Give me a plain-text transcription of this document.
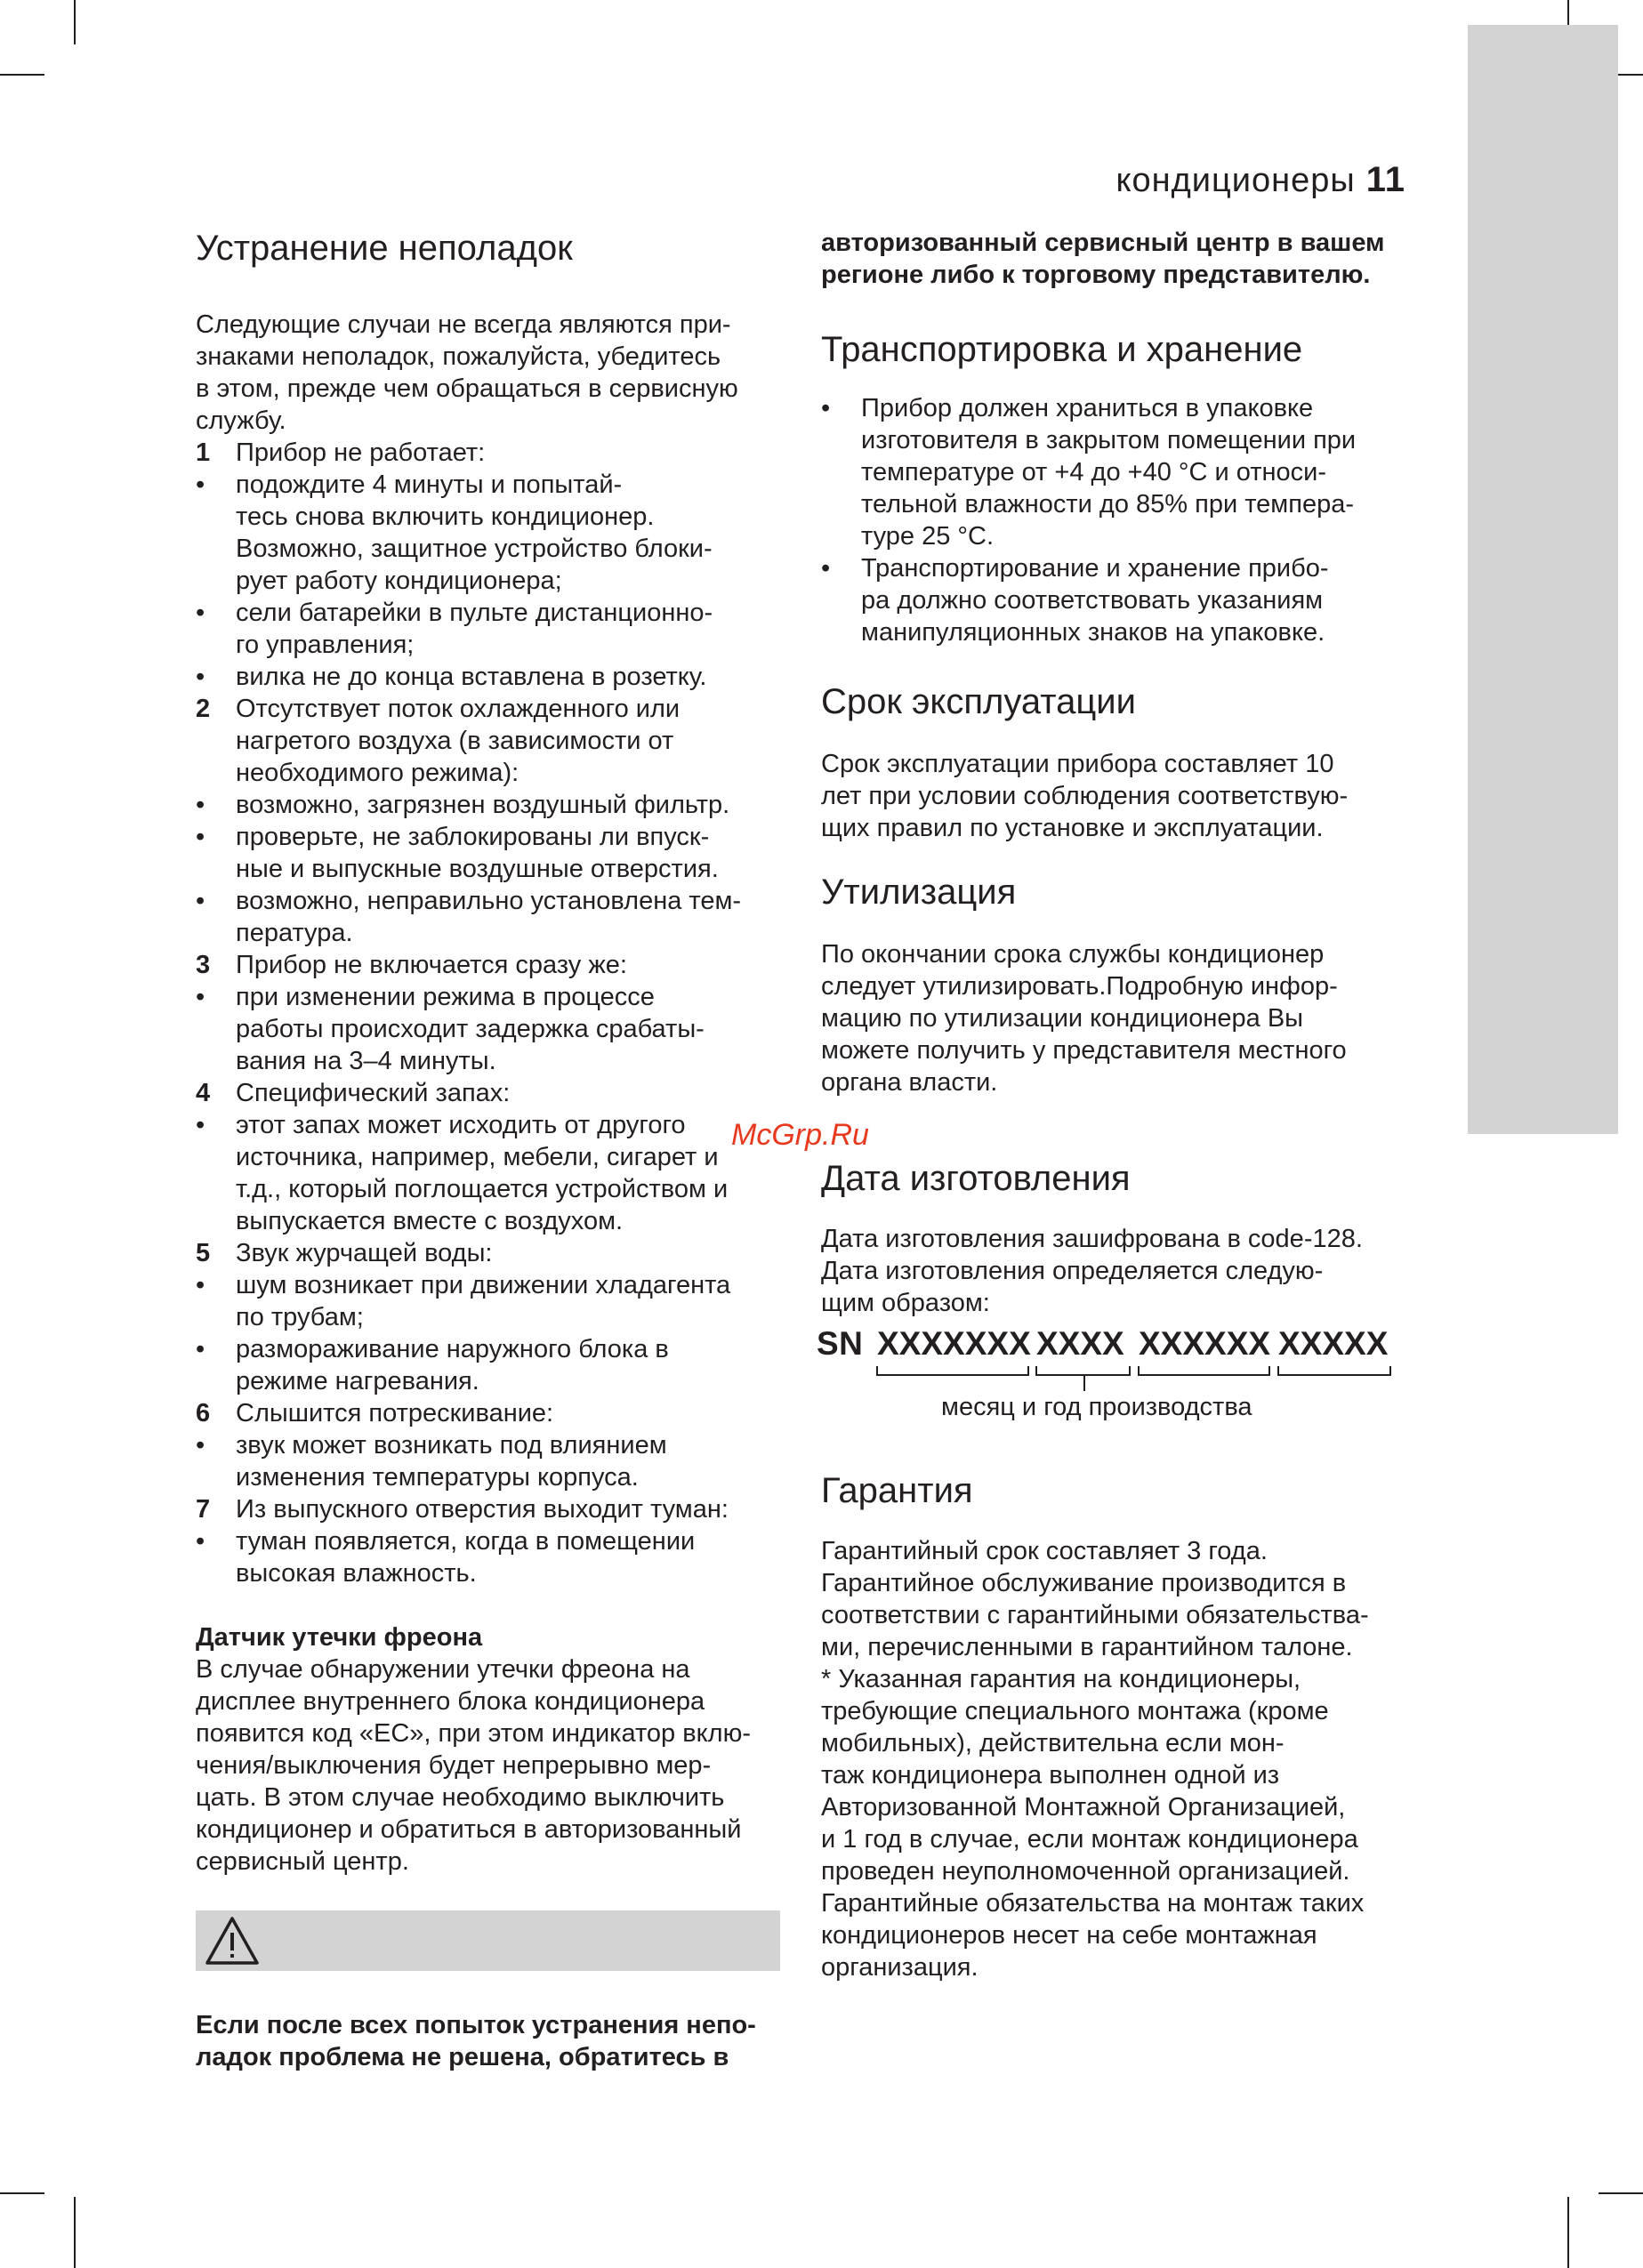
кондиционеры 11
McGrp.Ru
Устранение неполадок

Следующие случаи не всегда являются при-
знаками неполадок, пожалуйста, убедитесь
в этом, прежде чем обращаться в сервисную
службу.

1 Прибор не работает:
• подождите 4 минуты и попытай-
тесь снова включить кондиционер.
Возможно, защитное устройство блоки-
рует работу кондиционера;
• сели батарейки в пульте дистанционно-
го управления;
• вилка не до конца вставлена в розетку.
2 Отсутствует поток охлажденного или
нагретого воздуха (в зависимости от
необходимого режима):
• возможно, загрязнен воздушный фильтр.
• проверьте, не заблокированы ли впуск-
ные и выпускные воздушные отверстия.
• возможно, неправильно установлена тем-
пература.
3 Прибор не включается сразу же:
• при изменении режима в процессе
работы происходит задержка срабаты-
вания на 3–4 минуты.
4 Специфический запах:
• этот запах может исходить от другого
источника, например, мебели, сигарет и
т.д., который поглощается устройством и
выпускается вместе с воздухом.
5 Звук журчащей воды:
• шум возникает при движении хладагента
по трубам;
• размораживание наружного блока в
режиме нагревания.
6 Слышится потрескивание:
• звук может возникать под влиянием
изменения температуры корпуса.
7 Из выпускного отверстия выходит туман:
• туман появляется, когда в помещении
высокая влажность.

Датчик утечки фреона

В случае обнаружении утечки фреона на
дисплее внутреннего блока кондиционера
появится код «ЕС», при этом индикатор вклю-
чения/выключения будет непрерывно мер-
цать. В этом случае необходимо выключить
кондиционер и обратиться в авторизованный
сервисный центр.

Если после всех попыток устранения непо-
ладок проблема не решена, обратитесь в

авторизованный сервисный центр в вашем
регионе либо к торговому представителю.

Транспортировка и хранение
• Прибор должен храниться в упаковке
изготовителя в закрытом помещении при
температуре от +4 до +40 °С и относи-
тельной влажности до 85% при темпера-
туре 25 °С.
• Транспортирование и хранение прибо-
ра должно соответствовать указаниям
манипуляционных знаков на упаковке.
Срок эксплуатации

Срок эксплуатации прибора составляет 10
лет при условии соблюдения соответствую-
щих правил по установке и эксплуатации.

Утилизация

По окончании срока службы кондиционер
следует утилизировать.Подробную инфор-
мацию по утилизации кондиционера Вы
можете получить у представителя местного
органа власти.

Дата изготовления

Дата изготовления зашифрована в code-128.
Дата изготовления определяется следую-
щим образом:

SN XXXXXXX XXXX XXXXXX XXXXX
месяц и год производства
Гарантия

Гарантийный срок составляет 3 года.
Гарантийное обслуживание производится в
соответствии с гарантийными обязательства-
ми, перечисленными в гарантийном талоне.
* Указанная гарантия на кондиционеры,
требующие специального монтажа (кроме
мобильных), действительна если мон-
таж кондиционера выполнен одной из
Авторизованной Монтажной Организацией,
и 1 год в случае, если монтаж кондиционера
проведен неуполномоченной организацией.
Гарантийные обязательства на монтаж таких
кондиционеров несет на себе монтажная
организация.
